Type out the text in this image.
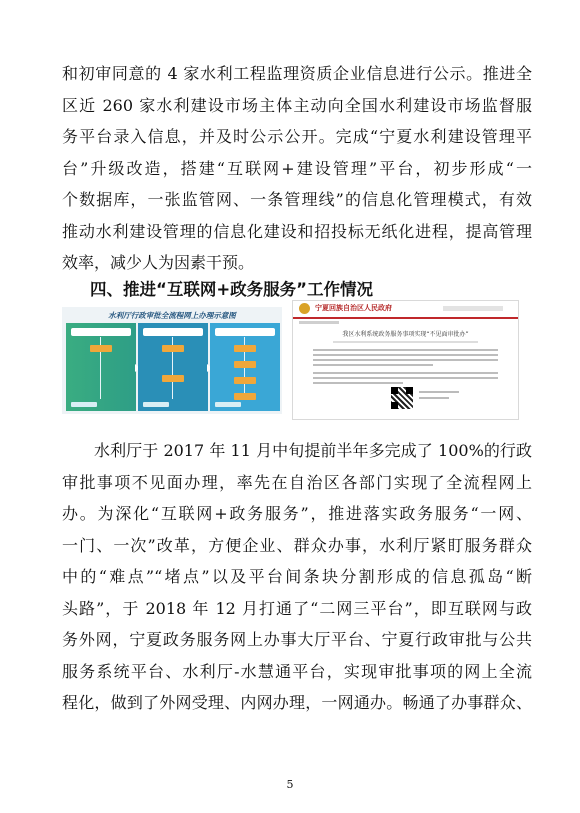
和初审同意的 4 家水利工程监理资质企业信息进行公示。推进全
区近 260 家水利建设市场主体主动向全国水利建设市场监督服
务平台录入信息，并及时公示公开。完成“宁夏水利建设管理平
台”升级改造，搭建“互联网+建设管理”平台，初步形成“一
个数据库，一张监管网、一条管理线”的信息化管理模式，有效
推动水利建设管理的信息化建设和招投标无纸化进程，提高管理
效率，减少人为因素干预。
四、推进“互联网+政务服务”工作情况
水利厅行政审批全流程网上办理示意图
宁夏回族自治区人民政府
我区水利系统政务服务事项实现“不见面审批办”
水利厅于 2017 年 11 月中旬提前半年多完成了 100%的行政
审批事项不见面办理，率先在自治区各部门实现了全流程网上
办。为深化“互联网+政务服务”，推进落实政务服务“一网、
一门、一次”改革，方便企业、群众办事，水利厅紧盯服务群众
中的“难点”“堵点”以及平台间条块分割形成的信息孤岛“断
头路”，于 2018 年 12 月打通了“二网三平台”，即互联网与政
务外网，宁夏政务服务网上办事大厅平台、宁夏行政审批与公共
服务系统平台、水利厅-水慧通平台，实现审批事项的网上全流
程化，做到了外网受理、内网办理，一网通办。畅通了办事群众、
5
